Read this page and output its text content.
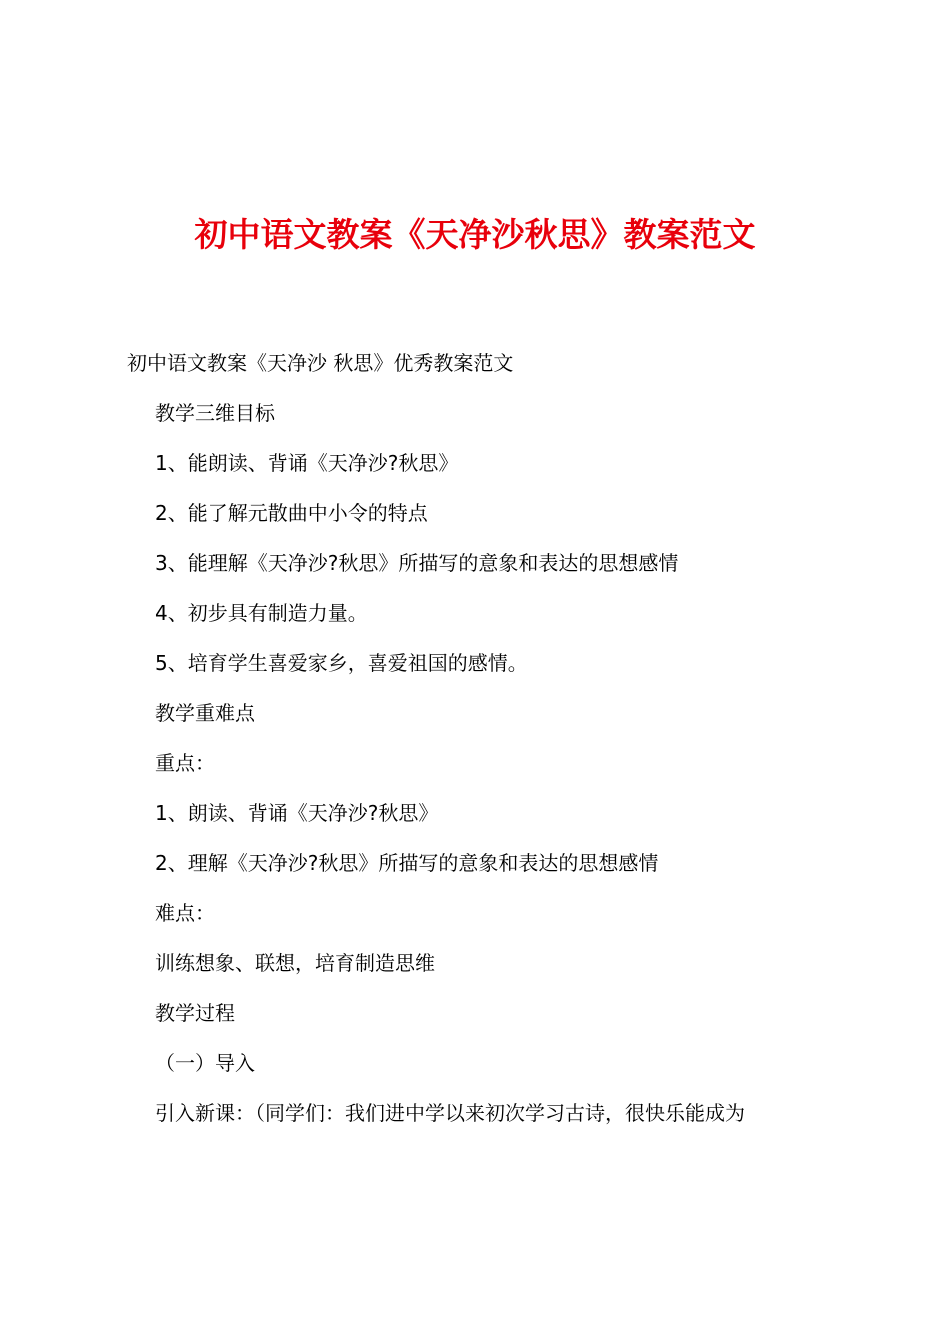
初中语文教案《天净沙秋思》教案范文

初中语文教案《天净沙 秋思》优秀教案范文

教学三维目标
1、能朗读、背诵《天净沙?秋思》
2、能了解元散曲中小令的特点
3、能理解《天净沙?秋思》所描写的意象和表达的思想感情
4、初步具有制造力量。
5、培育学生喜爱家乡，喜爱祖国的感情。
教学重难点
重点：
1、朗读、背诵《天净沙?秋思》
2、理解《天净沙?秋思》所描写的意象和表达的思想感情
难点：
训练想象、联想，培育制造思维
教学过程
（一）导入
引入新课：（同学们：我们进中学以来初次学习古诗，很快乐能成为
